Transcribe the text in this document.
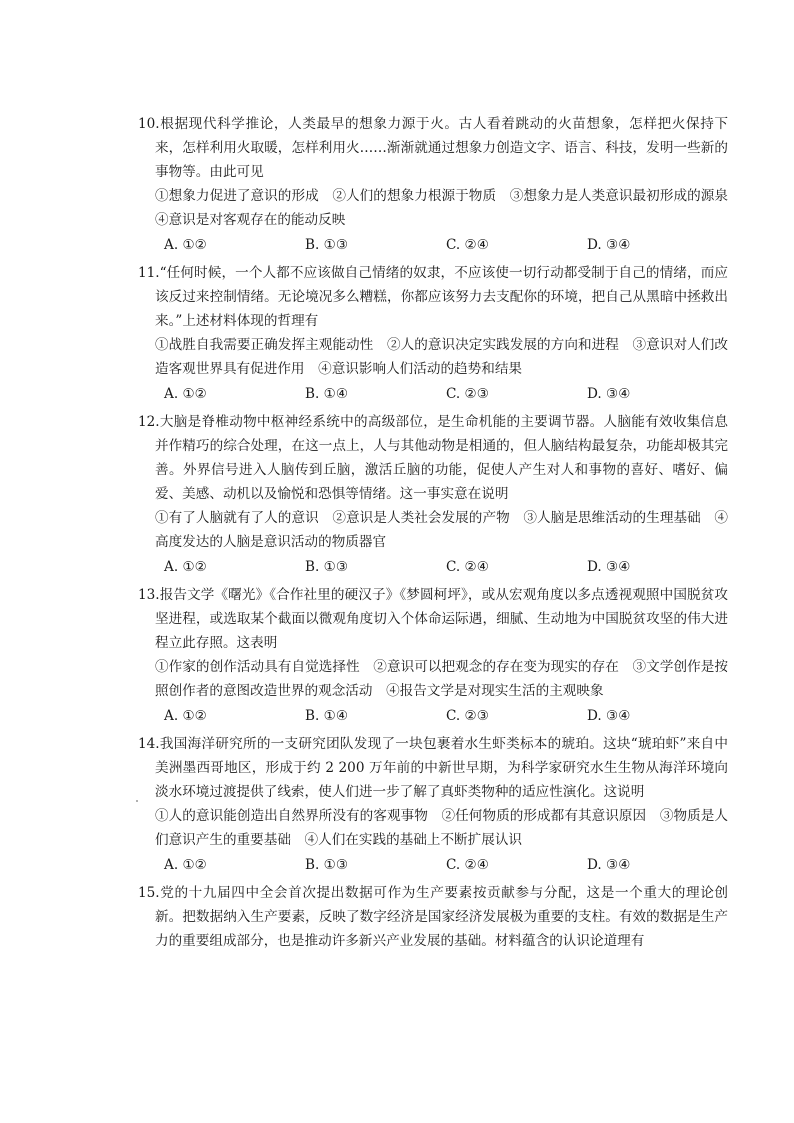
10.根据现代科学推论，人类最早的想象力源于火。古人看着跳动的火苗想象，怎样把火保持下来，怎样利用火取暖，怎样利用火……渐渐就通过想象力创造文字、语言、科技，发明一些新的事物等。由此可见

①想象力促进了意识的形成　②人们的想象力根源于物质　③想象力是人类意识最初形成的源泉　④意识是对客观存在的能动反映

A. ①②	B. ①③	C. ②④	D. ③④

11.“任何时候，一个人都不应该做自己情绪的奴隶，不应该使一切行动都受制于自己的情绪，而应该反过来控制情绪。无论境况多么糟糕，你都应该努力去支配你的环境，把自己从黑暗中拯救出来。”上述材料体现的哲理有

①战胜自我需要正确发挥主观能动性　②人的意识决定实践发展的方向和进程　③意识对人们改造客观世界具有促进作用　④意识影响人们活动的趋势和结果

A. ①②	B. ①④	C. ②③	D. ③④

12.大脑是脊椎动物中枢神经系统中的高级部位，是生命机能的主要调节器。人脑能有效收集信息并作精巧的综合处理，在这一点上，人与其他动物是相通的，但人脑结构最复杂，功能却极其完善。外界信号进入人脑传到丘脑，激活丘脑的功能，促使人产生对人和事物的喜好、嗜好、偏爱、美感、动机以及愉悦和恐惧等情绪。这一事实意在说明

①有了人脑就有了人的意识　②意识是人类社会发展的产物　③人脑是思维活动的生理基础　④高度发达的人脑是意识活动的物质器官

A. ①②	B. ①③	C. ②④	D. ③④

13.报告文学《曙光》《合作社里的硬汉子》《梦圆柯坪》，或从宏观角度以多点透视观照中国脱贫攻坚进程，或选取某个截面以微观角度切入个体命运际遇，细腻、生动地为中国脱贫攻坚的伟大进程立此存照。这表明

①作家的创作活动具有自觉选择性　②意识可以把观念的存在变为现实的存在　③文学创作是按照创作者的意图改造世界的观念活动　④报告文学是对现实生活的主观映象

A. ①②	B. ①④	C. ②③	D. ③④

14.我国海洋研究所的一支研究团队发现了一块包裹着水生虾类标本的琥珀。这块“琥珀虾”来自中美洲墨西哥地区，形成于约 2 200 万年前的中新世早期，为科学家研究水生生物从海洋环境向淡水环境过渡提供了线索，使人们进一步了解了真虾类物种的适应性演化。这说明

①人的意识能创造出自然界所没有的客观事物　②任何物质的形成都有其意识原因　③物质是人们意识产生的重要基础　④人们在实践的基础上不断扩展认识

A. ①②	B. ①③	C. ②④	D. ③④

15.党的十九届四中全会首次提出数据可作为生产要素按贡献参与分配，这是一个重大的理论创新。把数据纳入生产要素，反映了数字经济是国家经济发展极为重要的支柱。有效的数据是生产力的重要组成部分，也是推动许多新兴产业发展的基础。材料蕴含的认识论道理有
